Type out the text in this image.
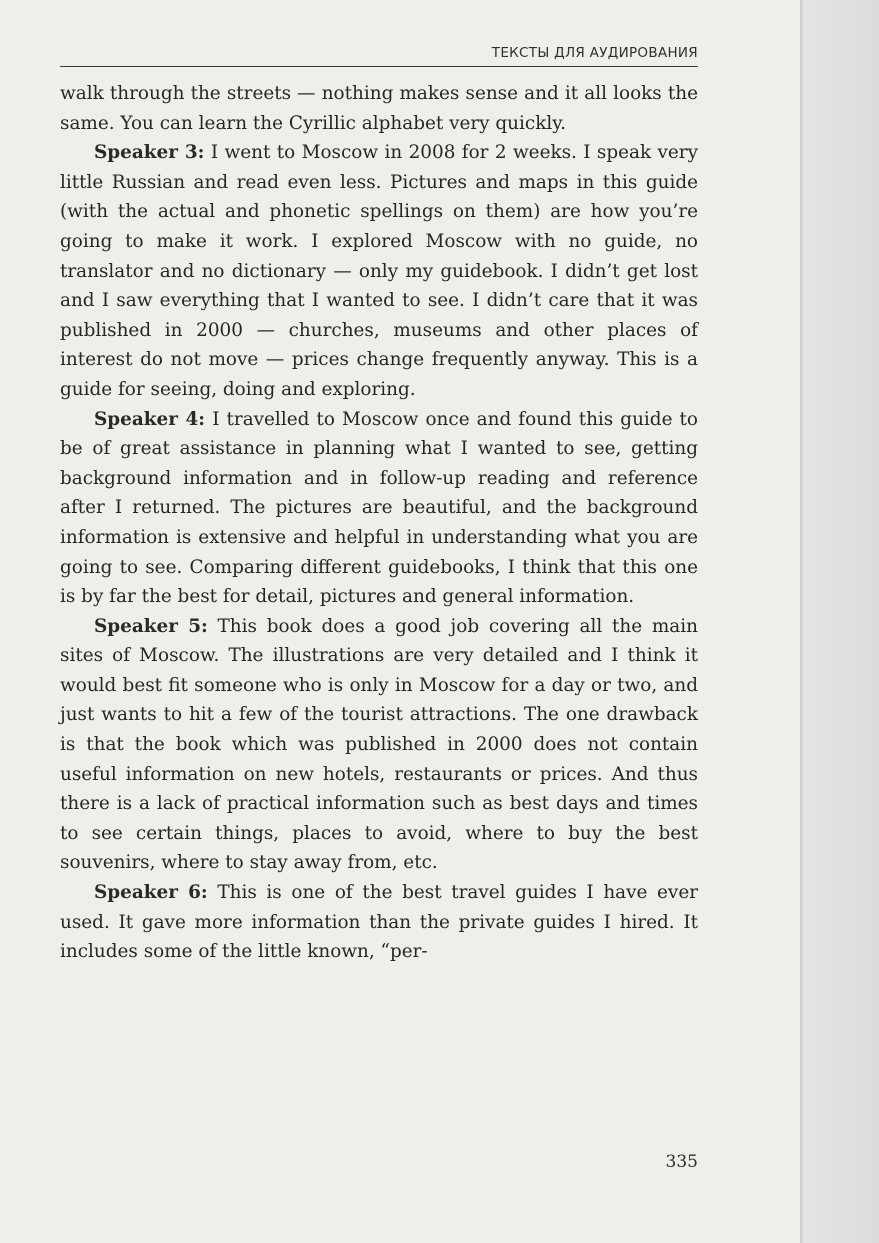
ТЕКСТЫ ДЛЯ АУДИРОВАНИЯ

walk through the streets — nothing makes sense and it all looks the same. You can learn the Cyrillic alphabet very quickly.

Speaker 3: I went to Moscow in 2008 for 2 weeks. I speak very little Russian and read even less. Pictures and maps in this guide (with the actual and phonetic spellings on them) are how you’re going to make it work. I explored Moscow with no guide, no translator and no dictionary — only my guidebook. I didn’t get lost and I saw everything that I wanted to see. I didn’t care that it was published in 2000 — churches, museums and other places of interest do not move — prices change frequently anyway. This is a guide for seeing, doing and exploring.

Speaker 4: I travelled to Moscow once and found this guide to be of great assistance in planning what I wanted to see, getting background information and in follow-up reading and reference after I returned. The pictures are beautiful, and the background information is extensive and helpful in understanding what you are going to see. Comparing different guidebooks, I think that this one is by far the best for detail, pictures and general information.

Speaker 5: This book does a good job covering all the main sites of Moscow. The illustrations are very detailed and I think it would best fit someone who is only in Moscow for a day or two, and just wants to hit a few of the tourist attractions. The one drawback is that the book which was published in 2000 does not contain useful information on new hotels, restaurants or prices. And thus there is a lack of practical information such as best days and times to see certain things, places to avoid, where to buy the best souvenirs, where to stay away from, etc.

Speaker 6: This is one of the best travel guides I have ever used. It gave more information than the private guides I hired. It includes some of the little known, “per-

335
